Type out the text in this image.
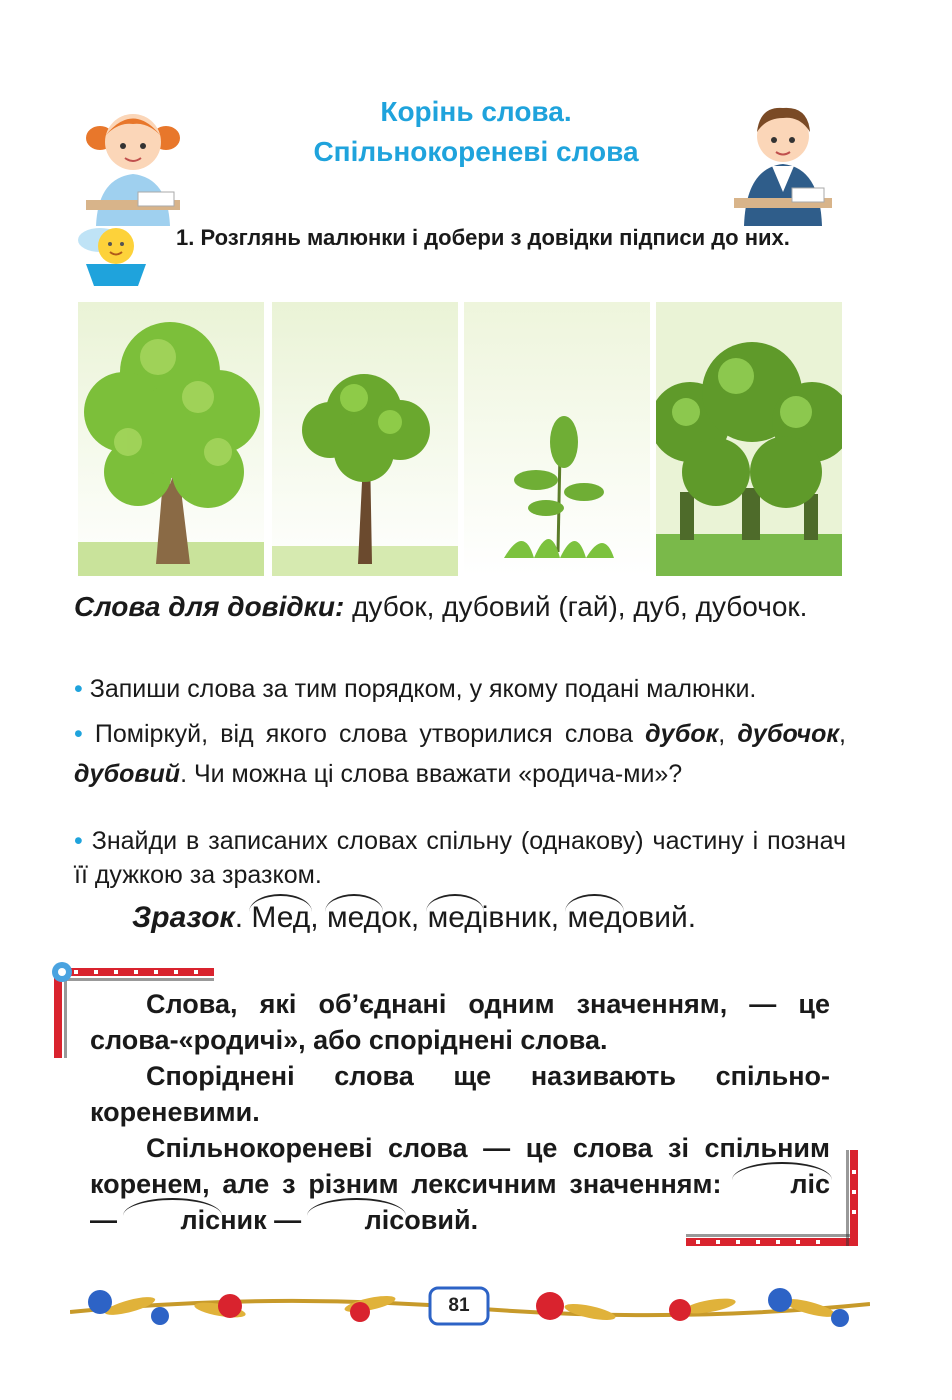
Корінь слова.
Спільнокореневі слова
1. Розглянь малюнки і добери з довідки підписи до них.
Слова для довідки: дубок, дубовий (гай), дуб, дубочок.
• Запиши слова за тим порядком, у якому подані малюнки.
• Поміркуй, від якого слова утворилися слова дубок, дубочок, дубовий. Чи можна ці слова вважати «родича-ми»?
• Знайди в записаних словах спільну (однакову) частину і познач її дужкою за зразком.
Зразок. Мед, медок, медівник, медовий.

Слова, які об’єднані одним значенням, — це слова-«родичі», або споріднені слова.

Споріднені слова ще називають спільно-кореневими.

Спільнокореневі слова — це слова зі спільним коренем, але з різним лексичним значенням: ліс — лісник — лісовий.

81
